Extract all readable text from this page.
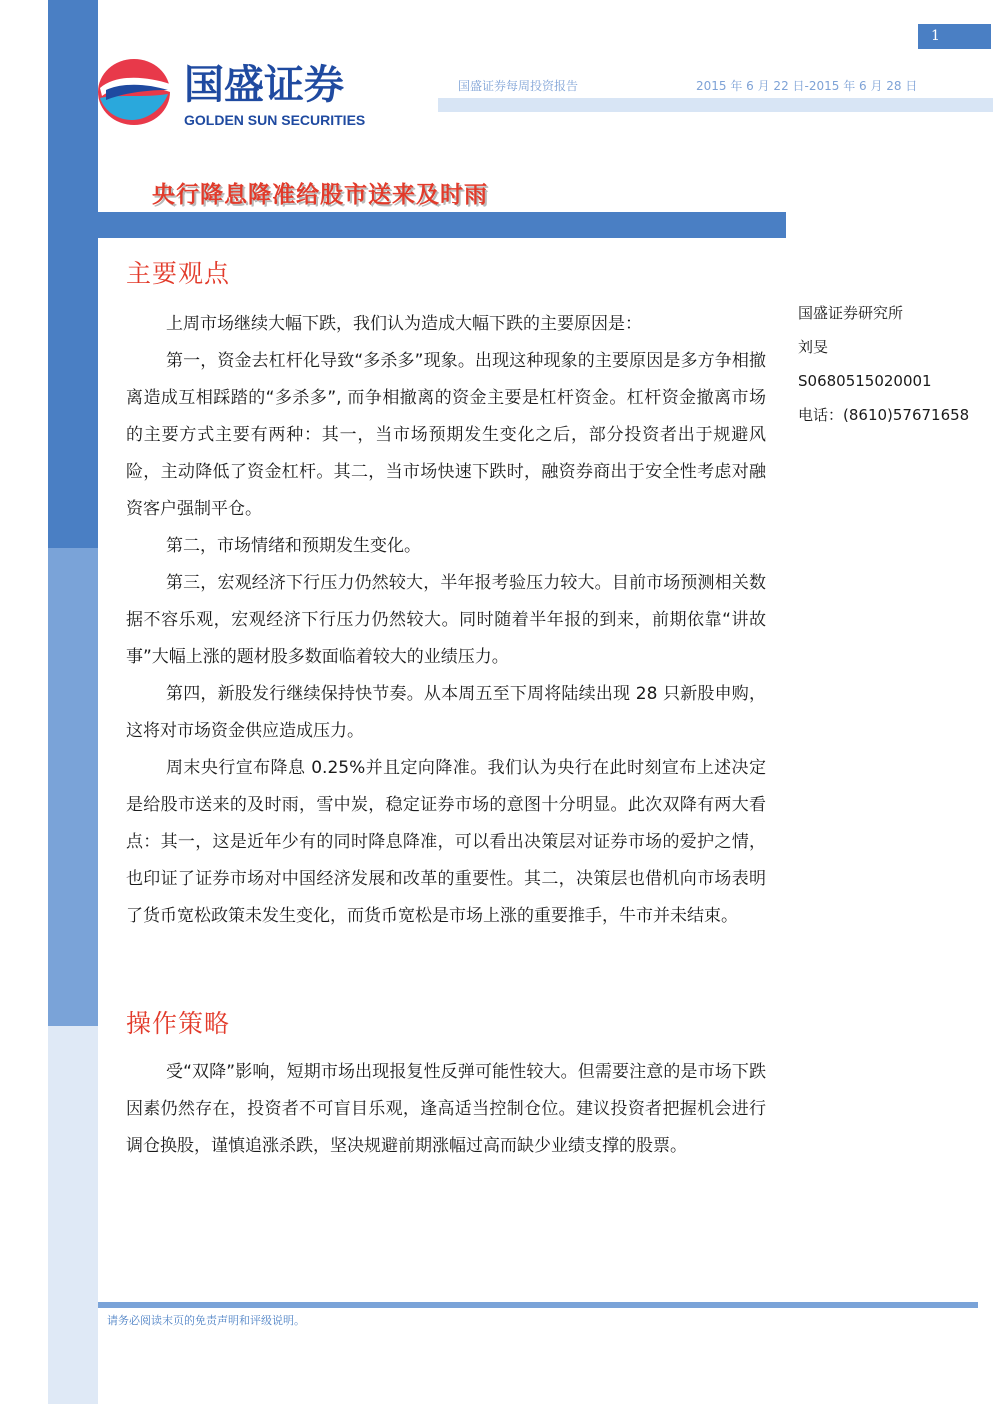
1
国盛证券每周投资报告	2015 年 6 月 22 日-2015 年 6 月 28 日
国盛证券
GOLDEN SUN SECURITIES
央行降息降准给股市送来及时雨
主要观点

上周市场继续大幅下跌，我们认为造成大幅下跌的主要原因是：

第一，资金去杠杆化导致“多杀多”现象。出现这种现象的主要原因是多方争相撤离造成互相踩踏的“多杀多”, 而争相撤离的资金主要是杠杆资金。杠杆资金撤离市场的主要方式主要有两种：其一，当市场预期发生变化之后，部分投资者出于规避风险，主动降低了资金杠杆。其二，当市场快速下跌时，融资券商出于安全性考虑对融资客户强制平仓。

第二，市场情绪和预期发生变化。

第三，宏观经济下行压力仍然较大，半年报考验压力较大。目前市场预测相关数据不容乐观，宏观经济下行压力仍然较大。同时随着半年报的到来，前期依靠“讲故事”大幅上涨的题材股多数面临着较大的业绩压力。

第四，新股发行继续保持快节奏。从本周五至下周将陆续出现 28 只新股申购，这将对市场资金供应造成压力。

周末央行宣布降息 0.25%并且定向降准。我们认为央行在此时刻宣布上述决定是给股市送来的及时雨，雪中炭，稳定证券市场的意图十分明显。此次双降有两大看点：其一，这是近年少有的同时降息降准，可以看出决策层对证券市场的爱护之情，也印证了证券市场对中国经济发展和改革的重要性。其二，决策层也借机向市场表明了货币宽松政策未发生变化，而货币宽松是市场上涨的重要推手，牛市并未结束。

操作策略

受“双降”影响，短期市场出现报复性反弹可能性较大。但需要注意的是市场下跌因素仍然存在，投资者不可盲目乐观，逢高适当控制仓位。建议投资者把握机会进行调仓换股，谨慎追涨杀跌，坚决规避前期涨幅过高而缺少业绩支撑的股票。

国盛证券研究所
刘旻
S0680515020001
电话：(8610)57671658
请务必阅读末页的免责声明和评级说明。
